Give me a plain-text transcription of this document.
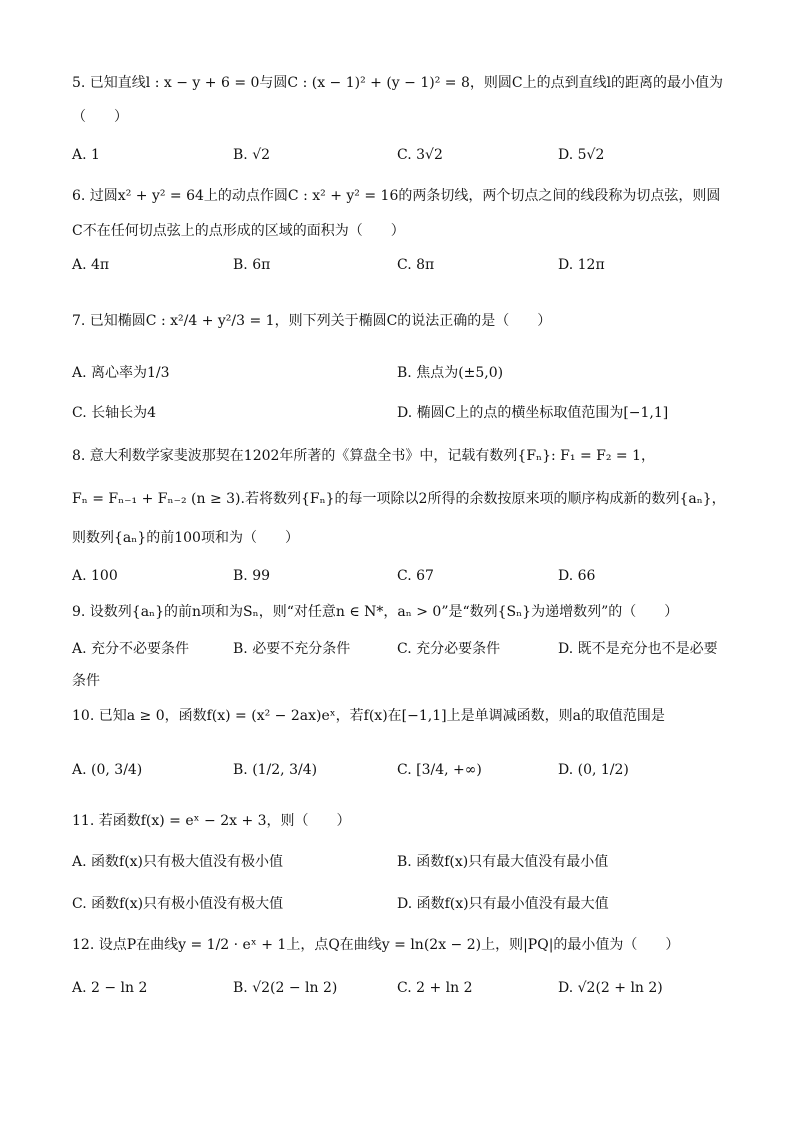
5. 已知直线l : x − y + 6 = 0与圆C : (x − 1)² + (y − 1)² = 8，则圆C上的点到直线l的距离的最小值为
（　　）
A. 1	B. √2	C. 3√2	D. 5√2
6. 过圆x² + y² = 64上的动点作圆C : x² + y² = 16的两条切线，两个切点之间的线段称为切点弦，则圆
C不在任何切点弦上的点形成的区域的面积为（　　）
A. 4π	B. 6π	C. 8π	D. 12π
7. 已知椭圆C : x²/4 + y²/3 = 1，则下列关于椭圆C的说法正确的是（　　）
A. 离心率为1/3	B. 焦点为(±5,0)
C. 长轴长为4	D. 椭圆C上的点的横坐标取值范围为[−1,1]
8. 意大利数学家斐波那契在1202年所著的《算盘全书》中，记载有数列{Fₙ}: F₁ = F₂ = 1，
Fₙ = Fₙ₋₁ + Fₙ₋₂ (n ≥ 3).若将数列{Fₙ}的每一项除以2所得的余数按原来项的顺序构成新的数列{aₙ}，
则数列{aₙ}的前100项和为（　　）
A. 100	B. 99	C. 67	D. 66
9. 设数列{aₙ}的前n项和为Sₙ，则“对任意n ∈ N*，aₙ > 0”是“数列{Sₙ}为递增数列”的（　　）
A. 充分不必要条件	B. 必要不充分条件	C. 充分必要条件	D. 既不是充分也不是必要
条件
10. 已知a ≥ 0，函数f(x) = (x² − 2ax)eˣ，若f(x)在[−1,1]上是单调减函数，则a的取值范围是
A. (0, 3/4)	B. (1/2, 3/4)	C. [3/4, +∞)	D. (0, 1/2)
11. 若函数f(x) = eˣ − 2x + 3，则（　　）
A. 函数f(x)只有极大值没有极小值	B. 函数f(x)只有最大值没有最小值
C. 函数f(x)只有极小值没有极大值	D. 函数f(x)只有最小值没有最大值
12. 设点P在曲线y = 1/2 · eˣ + 1上，点Q在曲线y = ln(2x − 2)上，则|PQ|的最小值为（　　）
A. 2 − ln 2	B. √2(2 − ln 2)	C. 2 + ln 2	D. √2(2 + ln 2)
